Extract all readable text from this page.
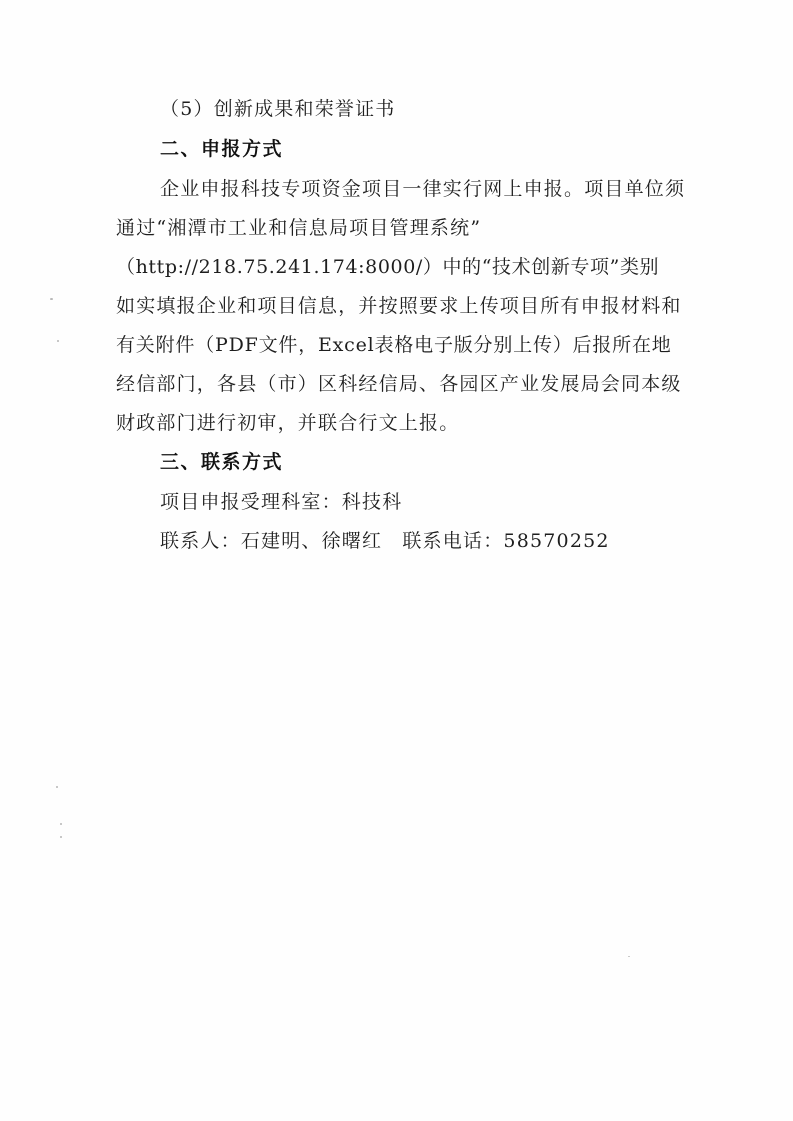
（5）创新成果和荣誉证书
二、申报方式
企业申报科技专项资金项目一律实行网上申报。项目单位须
通过“湘潭市工业和信息局项目管理系统”
（http://218.75.241.174:8000/）中的“技术创新专项”类别
如实填报企业和项目信息，并按照要求上传项目所有申报材料和
有关附件（PDF文件，Excel表格电子版分别上传）后报所在地
经信部门，各县（市）区科经信局、各园区产业发展局会同本级
财政部门进行初审，并联合行文上报。
三、联系方式
项目申报受理科室：科技科
联系人：石建明、徐曙红　联系电话：58570252
